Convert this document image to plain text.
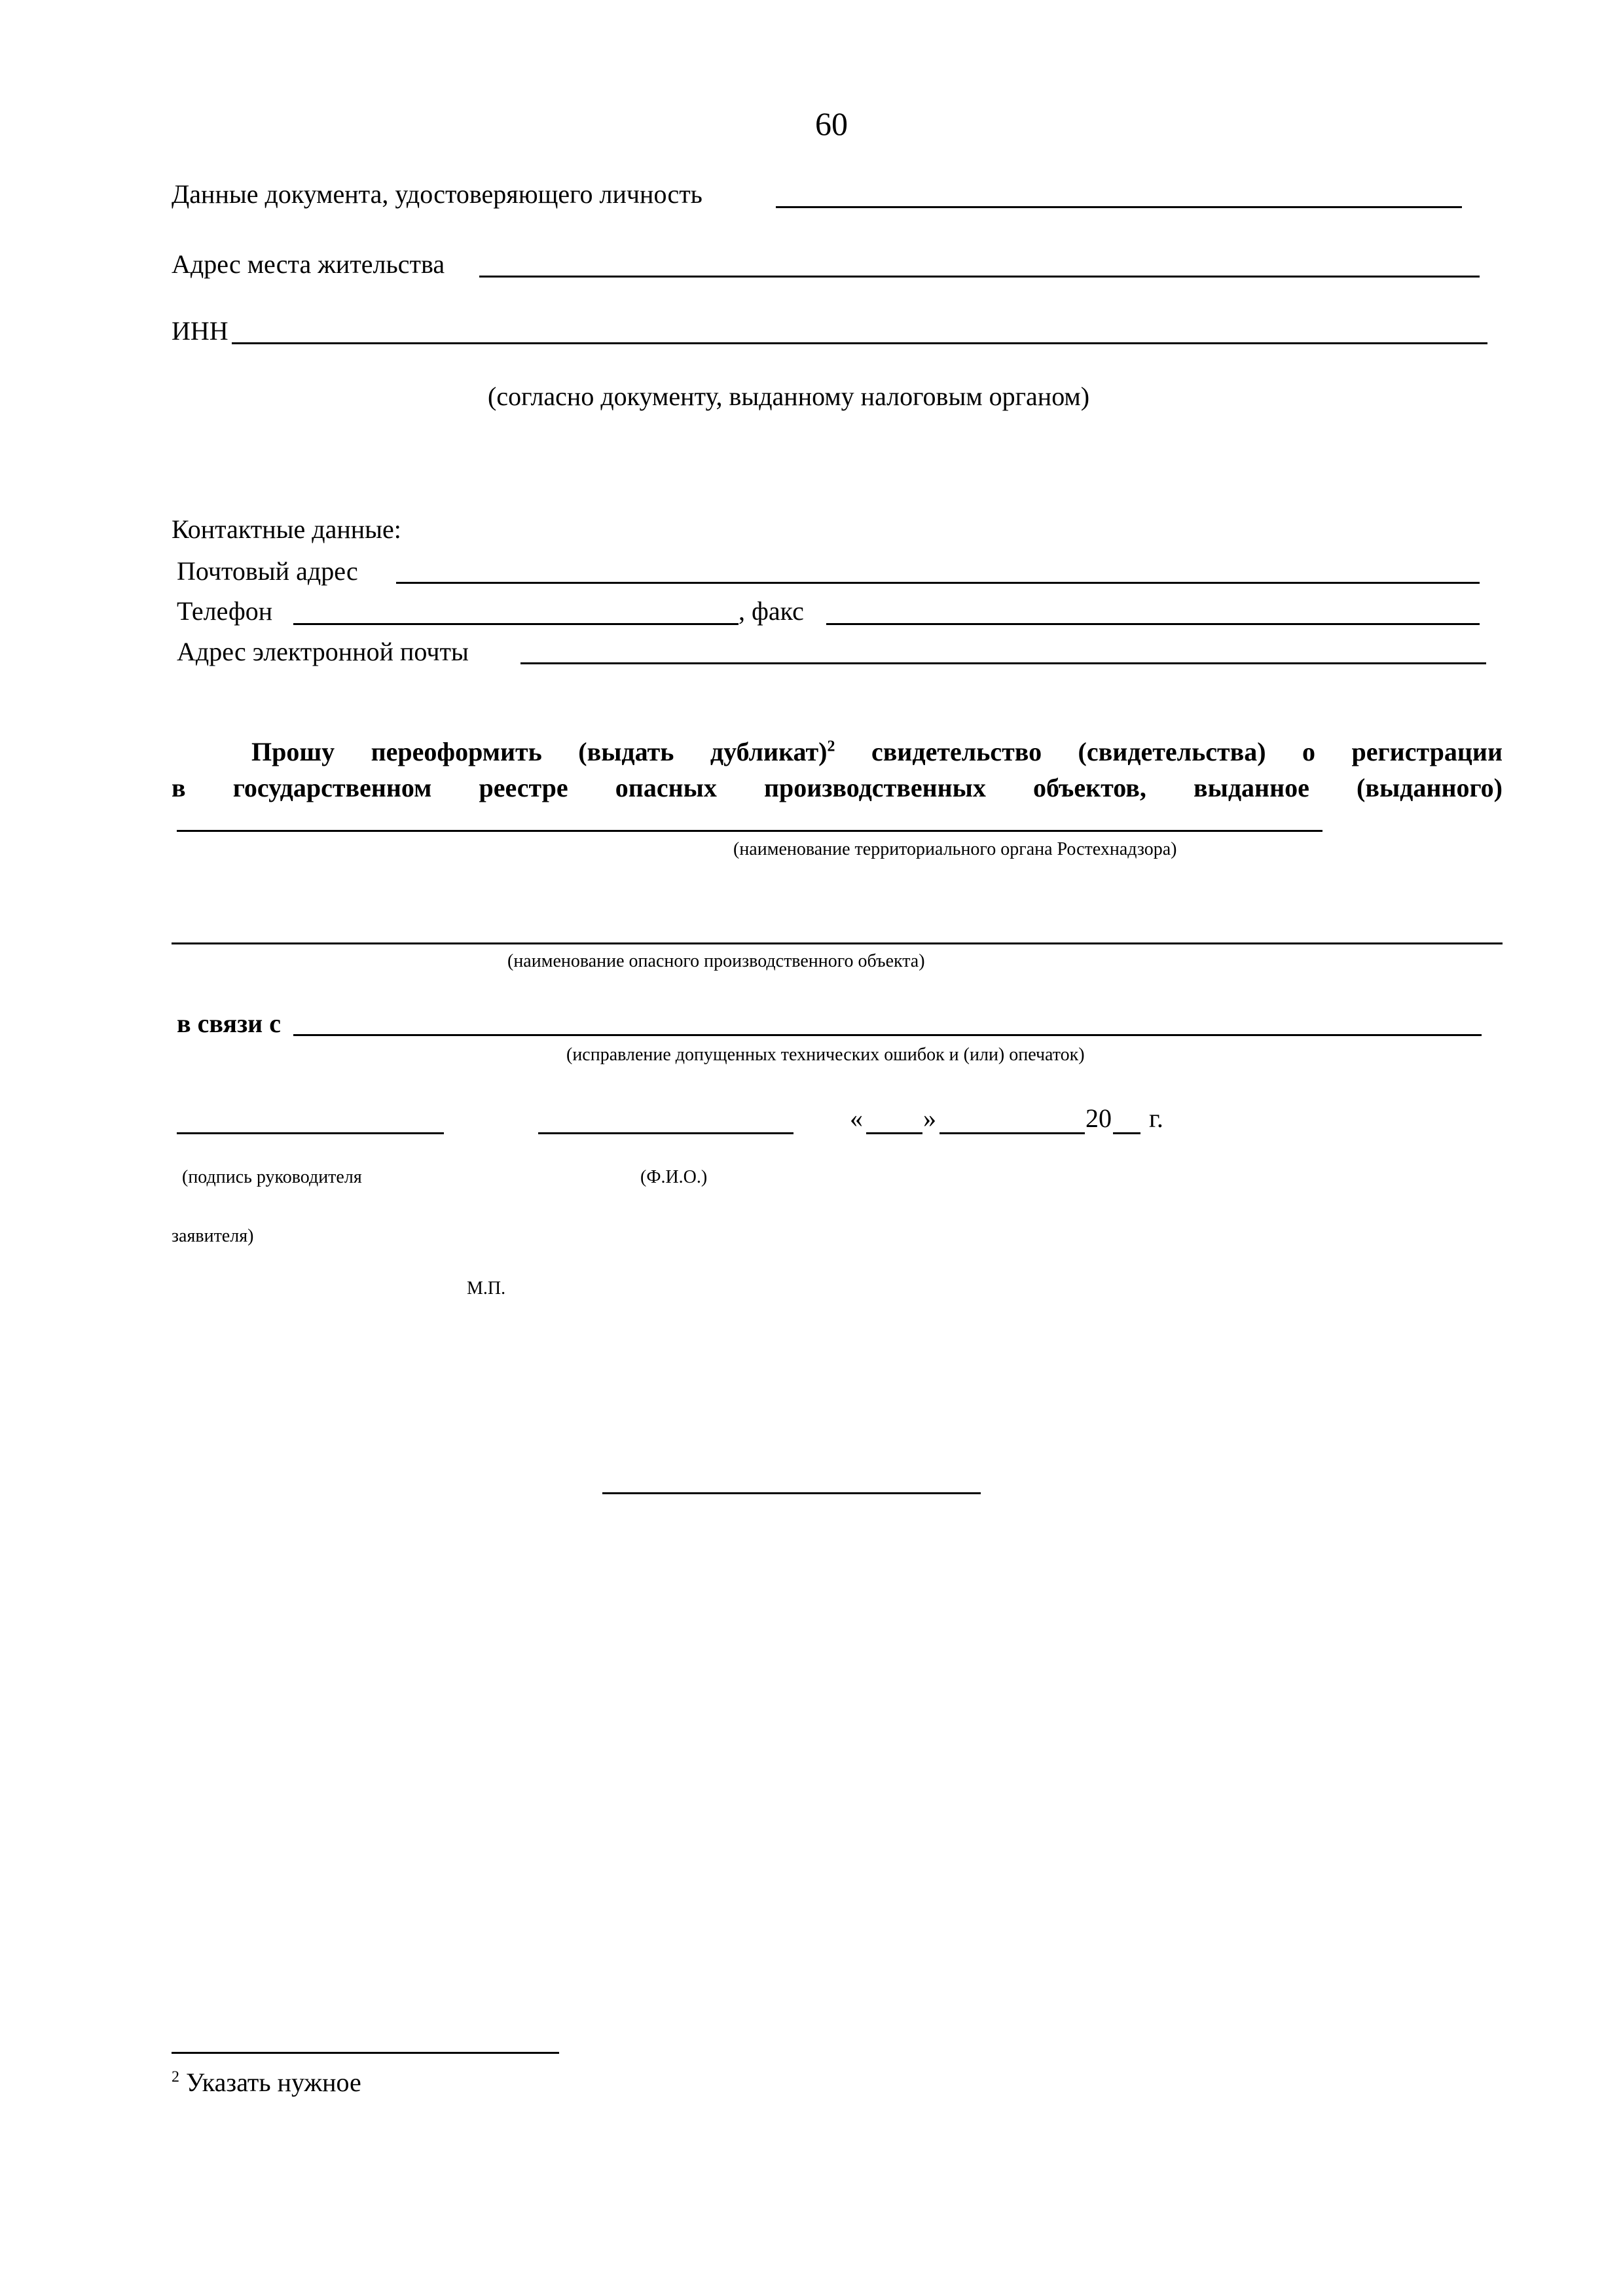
60
Данные документа, удостоверяющего личность
Адрес места жительства
ИНН
(согласно документу, выданному налоговым органом)
Контактные данные:
Почтовый адрес
Телефон	, факс
Адрес электронной почты
Прошу переоформить (выдать дубликат)$^2$ свидетельство (свидетельства) о регистрации
в государственном реестре опасных производственных объектов, выданное (выданного)
(наименование территориального органа Ростехнадзора)
(наименование опасного производственного объекта)
в связи с
(исправление допущенных технических ошибок и (или) опечаток)
« »	20 г.
(подпись руководителя	(Ф.И.О.)
заявителя)
М.П.
$^2$ Указать нужное
